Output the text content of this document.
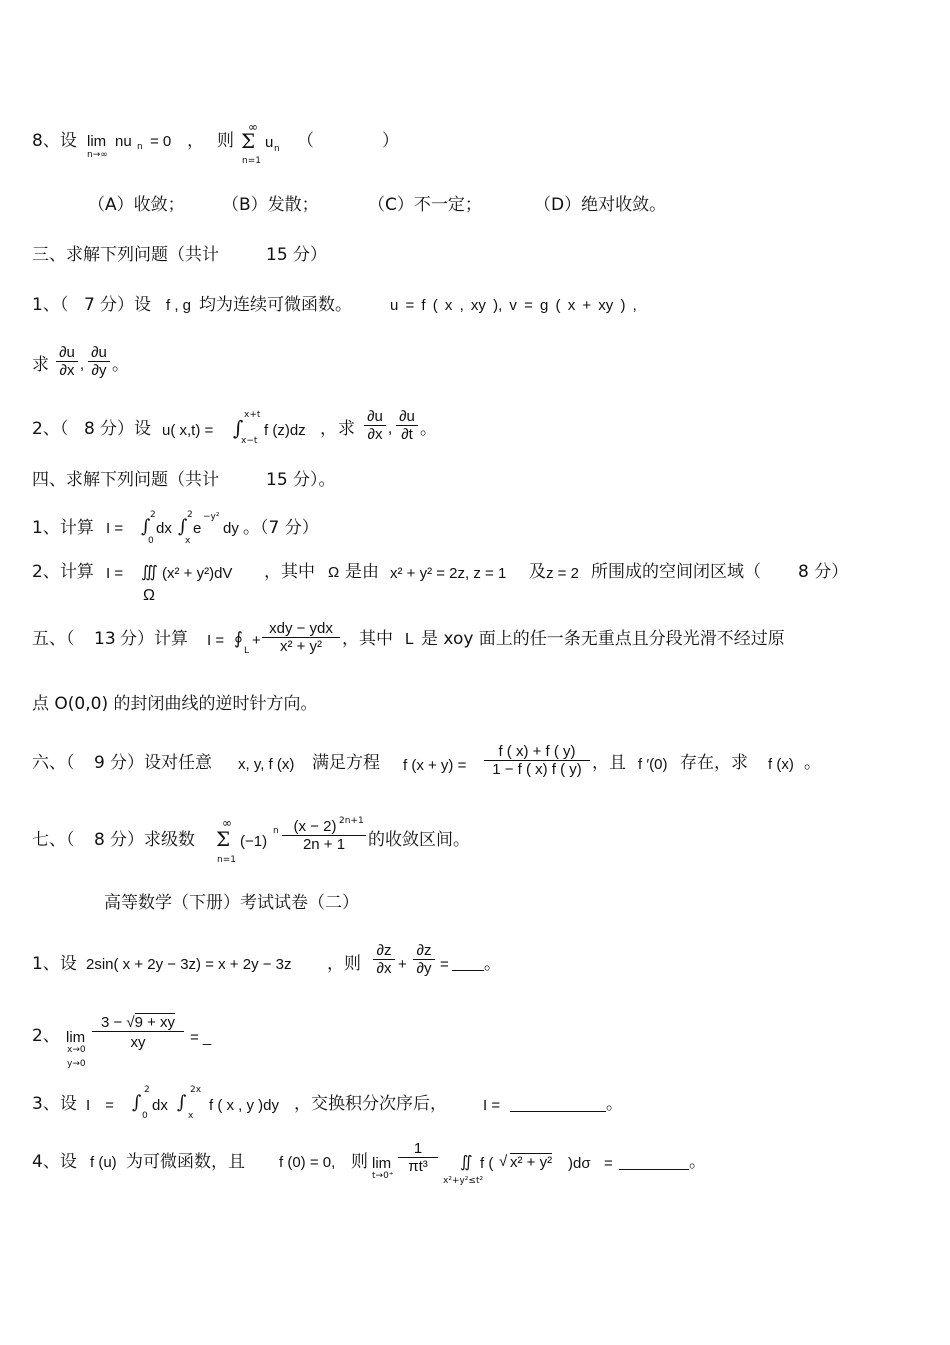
8、设 lim
n→∞
nu n = 0 ， 则
∞
Σ
n=1
u n （　　　　）
（A）收敛； （B）发散；	（C）不一定；	（D）绝对收敛。
三、求解下列问题（共计	15 分）
1、（ 7 分）设 f , g 均为连续可微函数。	u = f ( x , xy ), v = g ( x + xy ) ,
求 $\frac{\partial u}{\partial x}$ , $\frac{\partial u}{\partial y}$ 。
2、（ 8 分）设 u( x,t) = ∫
x+t
x−t
f (z)dz ， 求 $\frac{\partial u}{\partial x}$ , $\frac{\partial u}{\partial t}$ 。
四、求解下列问题（共计	15 分）。
1、计算 I = ∫
2
0
dx ∫
2
x
e
−y²
dy 。（7 分）
2、计算 I = ∭ (x² + y²)dV
Ω
，其中 Ω 是由 x² + y² = 2z, z = 1 及 z = 2 所围成的空间闭区域（ 8 分）
五、（ 13 分）计算 I = ∮
L
+
xdy − ydx
x² + y²	，其中 L 是 xoy 面上的任一条无重点且分段光滑不经过原
点 O(0,0) 的封闭曲线的逆时针方向。
六、（ 9 分）设对任意 x, y, f (x) 满足方程 f $(x + y) = \frac{f ( x) + f ( y)}{1 - f ( x) f ( y)}$ ，且 f ′(0) 存在，求 f (x) 。
七、（ 8 分）求级数
∞
Σ
n=1
(−1)
n $\frac{(x - 2)}{2n + 1}$
2n+1
的收敛区间。
高等数学（下册）考试试卷（二）
1、设 2sin( x + 2y − 3z) = x + 2y − 3z ，则 $\frac{\partial z}{\partial x} + \frac{\partial z}{\partial y}$ = 。
2、 lim
x→0
y→0
$\frac{3 - √9 + xy}{xy}$ = _
3、设 I　= ∫
2
0
dx ∫
2x
x
f ( x , y )dy ，交换积分次序后， I =	。
4、设 f (u) 为可微函数，且 f (0) = 0, 则 lim
t→0⁺
$\frac{1}{\text{πt³}}$ ∬
x²+y²≤t²
f ( √ x² + y² )dσ =	。
